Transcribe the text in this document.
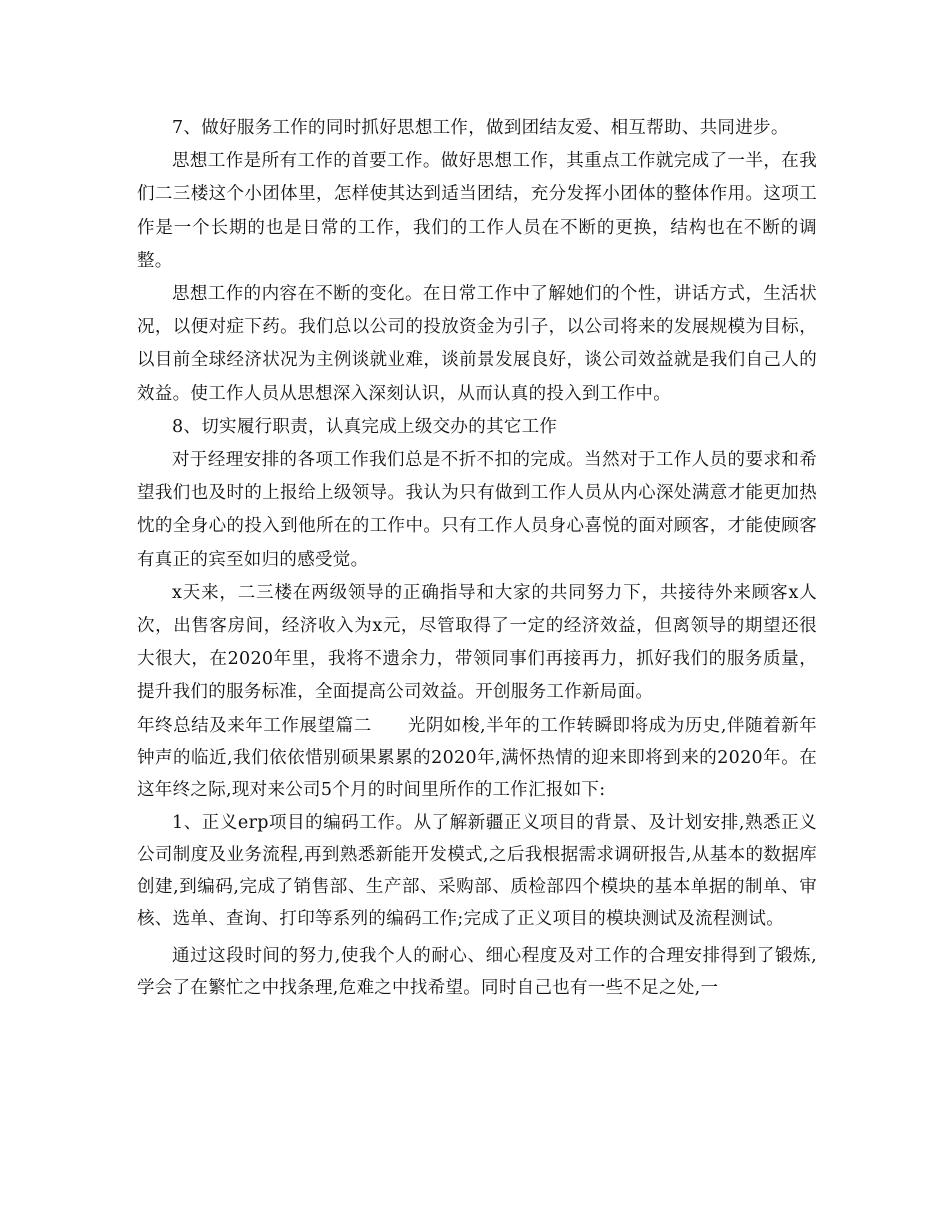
7、做好服务工作的同时抓好思想工作，做到团结友爱、相互帮助、共同进步。

思想工作是所有工作的首要工作。做好思想工作，其重点工作就完成了一半，在我们二三楼这个小团体里，怎样使其达到适当团结，充分发挥小团体的整体作用。这项工作是一个长期的也是日常的工作，我们的工作人员在不断的更换，结构也在不断的调整。

思想工作的内容在不断的变化。在日常工作中了解她们的个性，讲话方式，生活状况，以便对症下药。我们总以公司的投放资金为引子，以公司将来的发展规模为目标，以目前全球经济状况为主例谈就业难，谈前景发展良好，谈公司效益就是我们自己人的效益。使工作人员从思想深入深刻认识，从而认真的投入到工作中。

8、切实履行职责，认真完成上级交办的其它工作

对于经理安排的各项工作我们总是不折不扣的完成。当然对于工作人员的要求和希望我们也及时的上报给上级领导。我认为只有做到工作人员从内心深处满意才能更加热忱的全身心的投入到他所在的工作中。只有工作人员身心喜悦的面对顾客，才能使顾客有真正的宾至如归的感受觉。

x天来，二三楼在两级领导的正确指导和大家的共同努力下，共接待外来顾客x人次，出售客房间，经济收入为x元，尽管取得了一定的经济效益，但离领导的期望还很大很大，在2020年里，我将不遗余力，带领同事们再接再力，抓好我们的服务质量，提升我们的服务标准，全面提高公司效益。开创服务工作新局面。

年终总结及来年工作展望篇二　　光阴如梭,半年的工作转瞬即将成为历史,伴随着新年钟声的临近,我们依依惜别硕果累累的2020年,满怀热情的迎来即将到来的2020年。在这年终之际,现对来公司5个月的时间里所作的工作汇报如下:

1、正义erp项目的编码工作。从了解新疆正义项目的背景、及计划安排,熟悉正义公司制度及业务流程,再到熟悉新能开发模式,之后我根据需求调研报告,从基本的数据库创建,到编码,完成了销售部、生产部、采购部、质检部四个模块的基本单据的制单、审核、选单、查询、打印等系列的编码工作;完成了正义项目的模块测试及流程测试。

通过这段时间的努力,使我个人的耐心、细心程度及对工作的合理安排得到了锻炼,学会了在繁忙之中找条理,危难之中找希望。同时自己也有一些不足之处,一
